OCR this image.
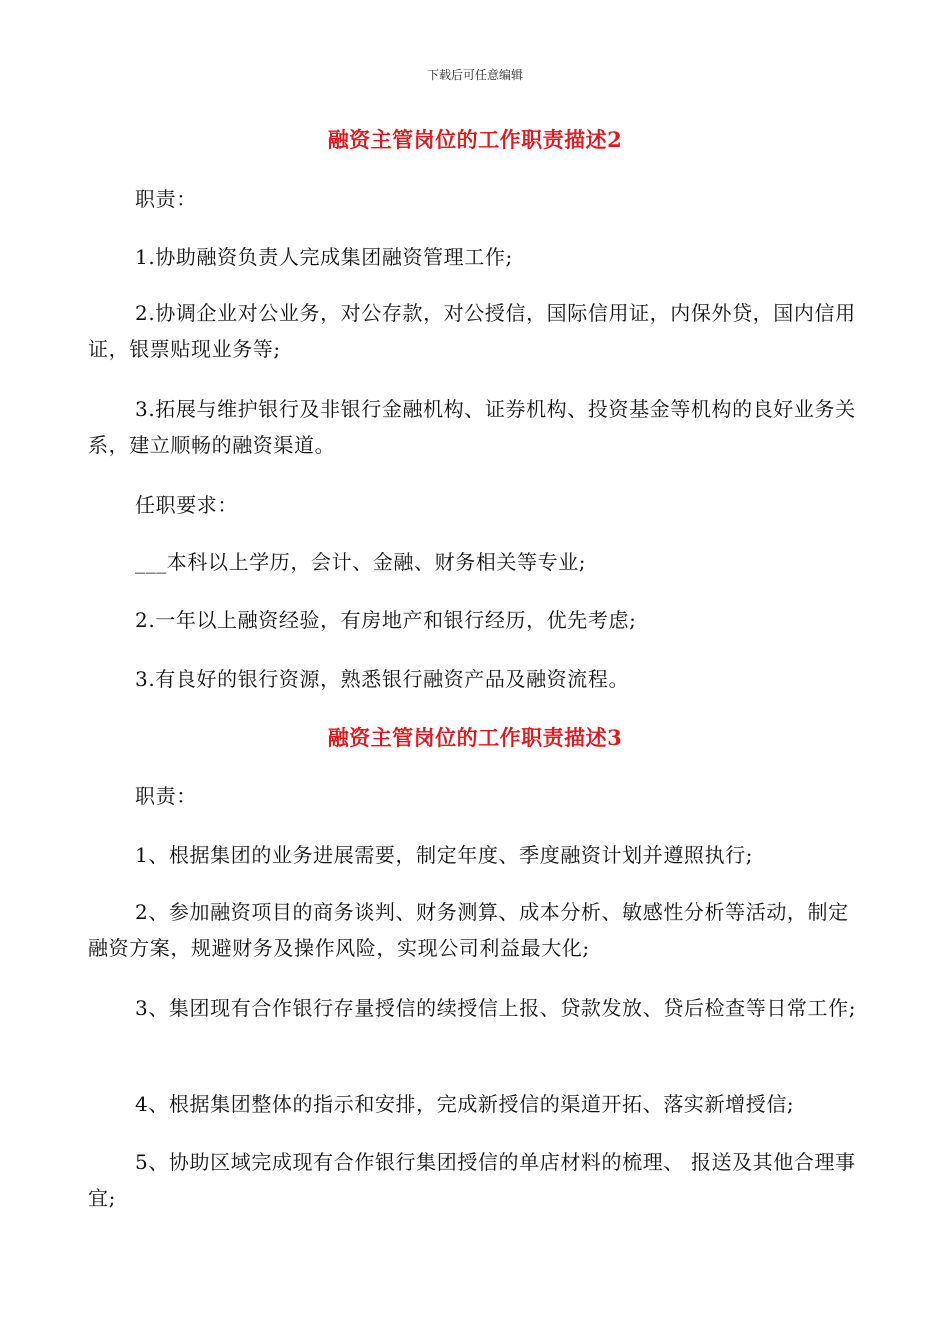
下载后可任意编辑
融资主管岗位的工作职责描述2

职责：

1.协助融资负责人完成集团融资管理工作;

2.协调企业对公业务，对公存款，对公授信，国际信用证，内保外贷，国内信用证，银票贴现业务等;

3.拓展与维护银行及非银行金融机构、证券机构、投资基金等机构的良好业务关系，建立顺畅的融资渠道。

任职要求：

___本科以上学历，会计、金融、财务相关等专业;

2.一年以上融资经验，有房地产和银行经历，优先考虑;

3.有良好的银行资源，熟悉银行融资产品及融资流程。

融资主管岗位的工作职责描述3

职责：

1、根据集团的业务进展需要，制定年度、季度融资计划并遵照执行;

2、参加融资项目的商务谈判、财务测算、成本分析、敏感性分析等活动，制定融资方案，规避财务及操作风险，实现公司利益最大化;

3、集团现有合作银行存量授信的续授信上报、贷款发放、贷后检查等日常工作;

4、根据集团整体的指示和安排，完成新授信的渠道开拓、落实新增授信;

5、协助区域完成现有合作银行集团授信的单店材料的梳理、 报送及其他合理事宜;
